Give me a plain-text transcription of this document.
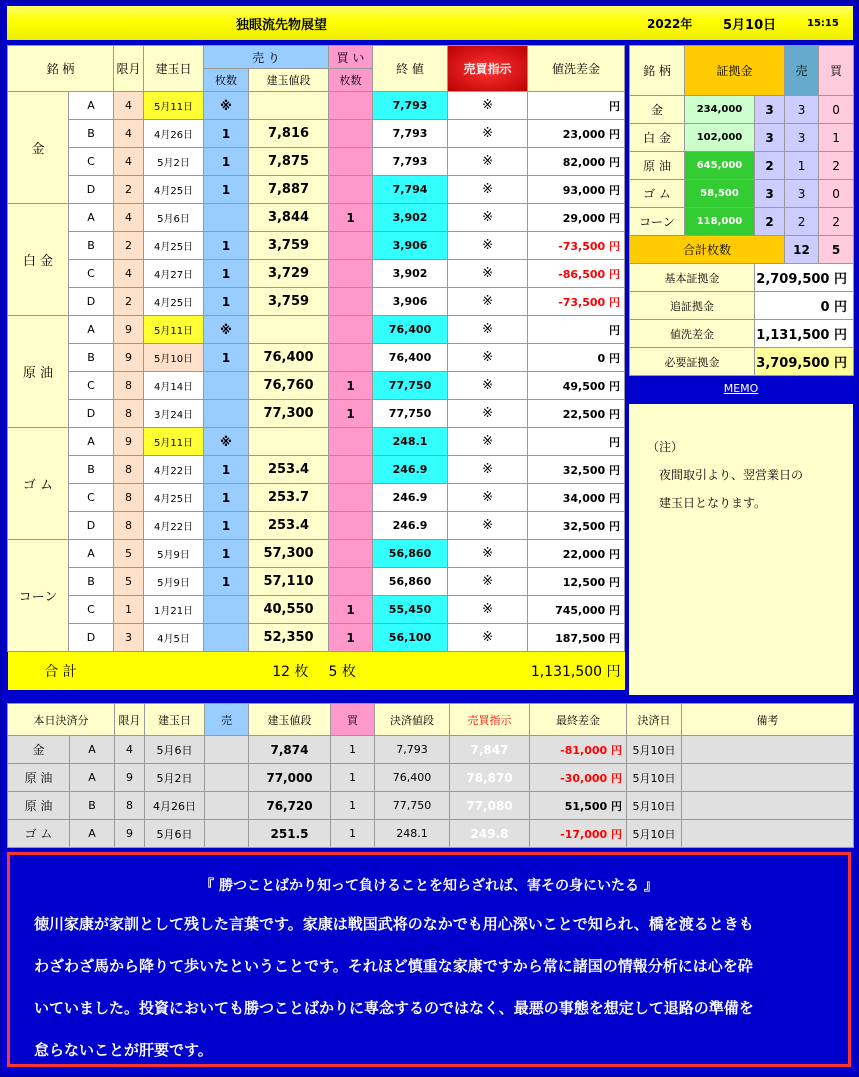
独眼流先物展望	2022年 5月10日	15:15
銘 柄		限月	建玉日	売 り		買 い	終 値	売買指示	値洗差金
				枚数	建玉値段	枚数			
金	A	4	5月11日	※			7,793	※	円
	B	4	4月26日	1	7,816		7,793	※	23,000 円
	C	4	5月2日	1	7,875		7,793	※	82,000 円
	D	2	4月25日	1	7,887		7,794	※	93,000 円
白 金	A	4	5月6日		3,844	1	3,902	※	29,000 円
	B	2	4月25日	1	3,759		3,906	※	-73,500 円
	C	4	4月27日	1	3,729		3,902	※	-86,500 円
	D	2	4月25日	1	3,759		3,906	※	-73,500 円
原 油	A	9	5月11日	※			76,400	※	円
	B	9	5月10日	1	76,400		76,400	※	0 円
	C	8	4月14日		76,760	1	77,750	※	49,500 円
	D	8	3月24日		77,300	1	77,750	※	22,500 円
ゴ ム	A	9	5月11日	※			248.1	※	円
	B	8	4月22日	1	253.4		246.9	※	32,500 円
	C	8	4月25日	1	253.7		246.9	※	34,000 円
	D	8	4月22日	1	253.4		246.9	※	32,500 円
コーン	A	5	5月9日	1	57,300		56,860	※	22,000 円
	B	5	5月9日	1	57,110		56,860	※	12,500 円
	C	1	1月21日		40,550	1	55,450	※	745,000 円
	D	3	4月5日		52,350	1	56,100	※	187,500 円
合 計		12 枚				5 枚		1,131,500 円	
銘 柄	証拠金		売	買
金	234,000	3	3	0
白 金	102,000	3	3	1
原 油	645,000	2	1	2
ゴ ム	58,500	3	3	0
コーン	118,000	2	2	2
合計枚数			12	5
基本証拠金		2,709,500 円		
追証拠金		0 円		
値洗差金		1,131,500 円		
必要証拠金		3,709,500 円		
MEMO
（注）
夜間取引より、翌営業日の
建玉日となります。
本日決済分		限月	建玉日	売	建玉値段	買	決済値段	売買指示	最終差金	決済日	備考
金	A	4	5月6日		7,874	1	7,793	7,847	-81,000 円	5月10日	
原 油	A	9	5月2日		77,000	1	76,400	78,870	-30,000 円	5月10日	
原 油	B	8	4月26日		76,720	1	77,750	77,080	51,500 円	5月10日	
ゴ ム	A	9	5月6日		251.5	1	248.1	249.8	-17,000 円	5月10日	
『 勝つことばかり知って負けることを知らざれば、害その身にいたる 』
徳川家康が家訓として残した言葉です。家康は戦国武将のなかでも用心深いことで知られ、橋を渡るときも
わざわざ馬から降りて歩いたということです。それほど慎重な家康ですから常に諸国の情報分析には心を砕
いていました。投資においても勝つことばかりに専念するのではなく、最悪の事態を想定して退路の準備を
怠らないことが肝要です。
